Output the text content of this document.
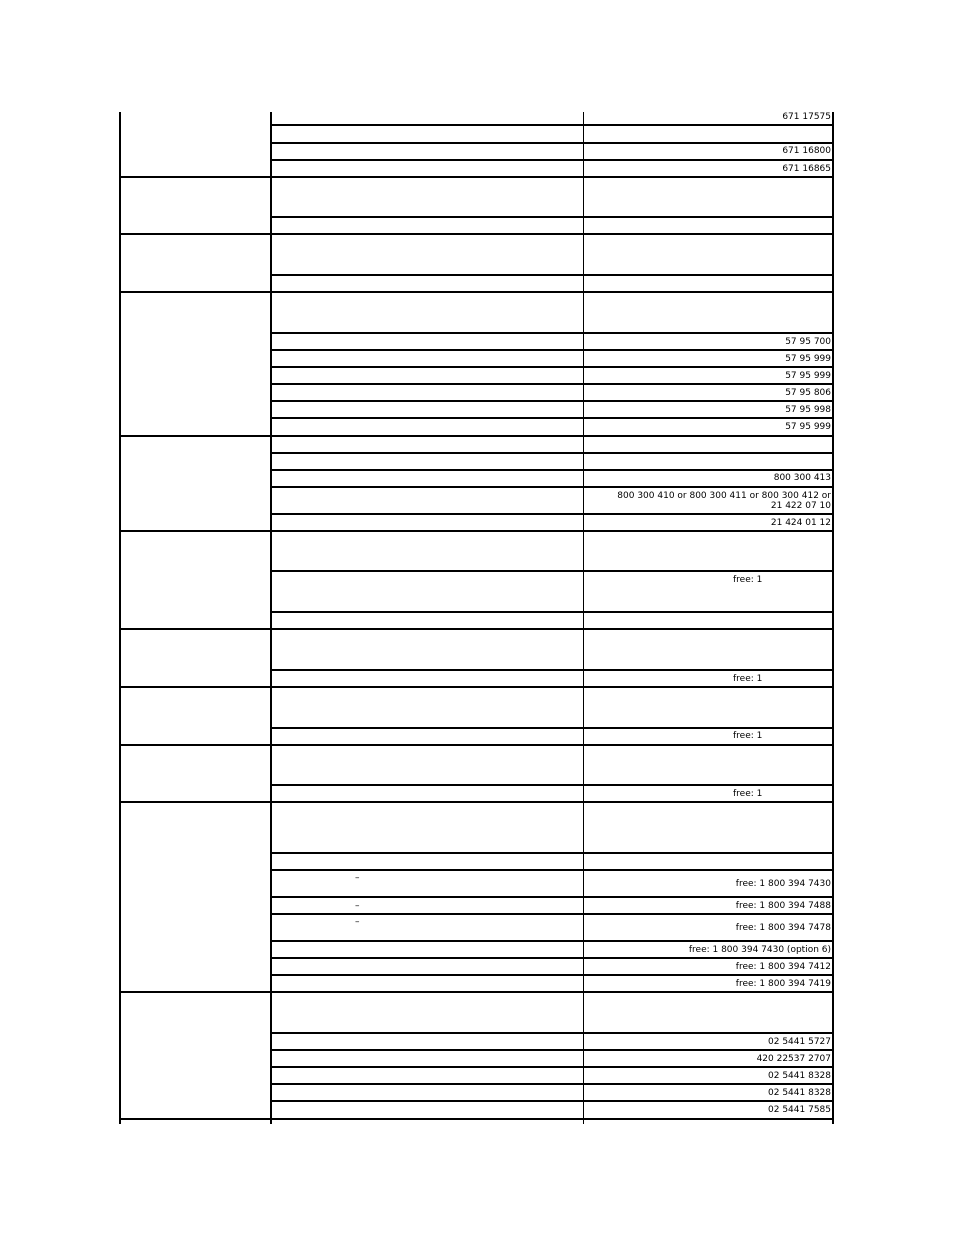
671 17575
671 16800
671 16865
57 95 700
57 95 999
57 95 999
57 95 806
57 95 998
57 95 999
800 300 413
800 300 410 or 800 300 411 or 800 300 412 or
21 422 07 10
21 424 01 12
free: 1
free: 1
free: 1
free: 1
–
free: 1 800 394 7430
–	free: 1 800 394 7488
–
free: 1 800 394 7478
free: 1 800 394 7430 (option 6)
free: 1 800 394 7412
free: 1 800 394 7419
02 5441 5727
420 22537 2707
02 5441 8328
02 5441 8328
02 5441 7585
